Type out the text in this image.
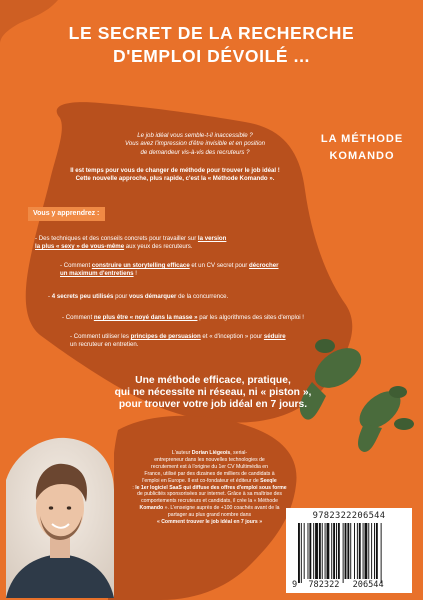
LE SECRET DE LA RECHERCHE
D'EMPLOI DÉVOILÉ ...
LA MÉTHODE
KOMANDO
Le job idéal vous semble-t-il inaccessible ?
Vous avez l'impression d'être invisible et en position
de demandeur vis-à-vis des recruteurs ?
Il est temps pour vous de changer de méthode pour trouver le job idéal !
Cette nouvelle approche, plus rapide, c'est la « Méthode Komando ».
Vous y apprendrez :
- Des techniques et des conseils concrets pour travailler sur la version
la plus « sexy » de vous-même aux yeux des recruteurs.
- Comment construire un storytelling efficace et un CV secret pour décrocher
un maximum d'entretiens !
- 4 secrets peu utilisés pour vous démarquer de la concurrence.
- Comment ne plus être « noyé dans la masse » par les algorithmes des sites d'emploi !
- Comment utiliser les principes de persuasion et « d'inception » pour séduire
un recruteur en entretien.
Une méthode efficace, pratique,
qui ne nécessite ni réseau, ni « piston »,
pour trouver votre job idéal en 7 jours.
L'auteur Dorian Liégeois, serial-
entrepreneur dans les nouvelles technologies de
recrutement est à l'origine du 1er CV Multimédia en
France, utilisé par des dizaines de milliers de candidats à
l'emploi en Europe. Il est co-fondateur et éditeur de Seeqle
: le 1er logiciel SaaS qui diffuse des offres d'emploi sous forme
de publicités sponsorisées sur internet. Grâce à sa maîtrise des
comportements recruteurs et candidats, il crée la « Méthode
Komando ». L'enseigne auprès de +100 coachés avant de la
partager au plus grand nombre dans
« Comment trouver le job idéal en 7 jours »
9782322206544
9 782322 206544
